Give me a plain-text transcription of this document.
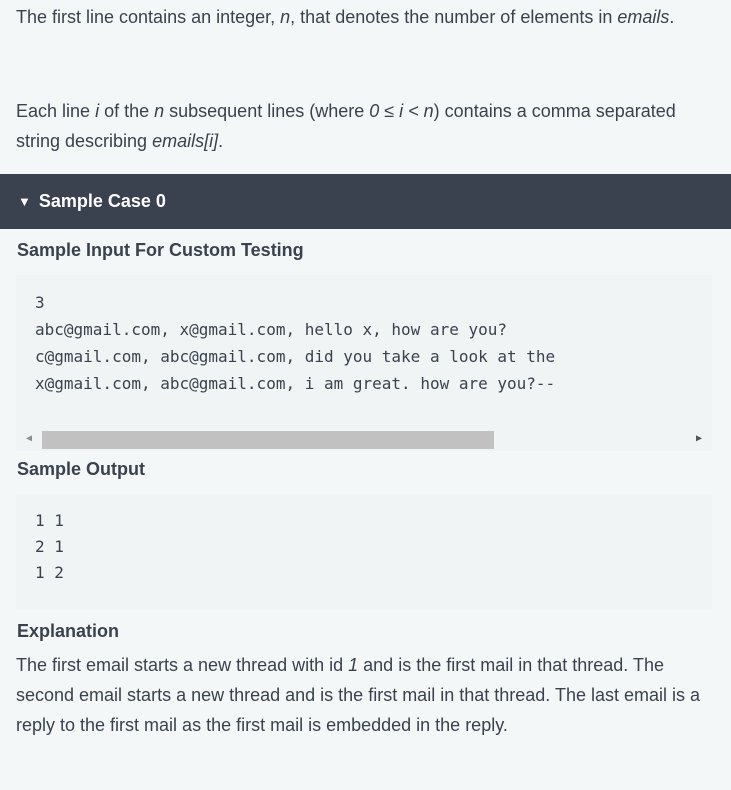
The first line contains an integer, n, that denotes the number of elements in emails.

Each line i of the n subsequent lines (where 0 ≤ i < n) contains a comma separated string describing emails[i].

▼ Sample Case 0
Sample Input For Custom Testing
3
abc@gmail.com, x@gmail.com, hello x, how are you?
c@gmail.com, abc@gmail.com, did you take a look at the
x@gmail.com, abc@gmail.com, i am great. how are you?--
◀	▶
Sample Output
1 1
2 1
1 2
Explanation

The first email starts a new thread with id 1 and is the first mail in that thread. The second email starts a new thread and is the first mail in that thread. The last email is a reply to the first mail as the first mail is embedded in the reply.
